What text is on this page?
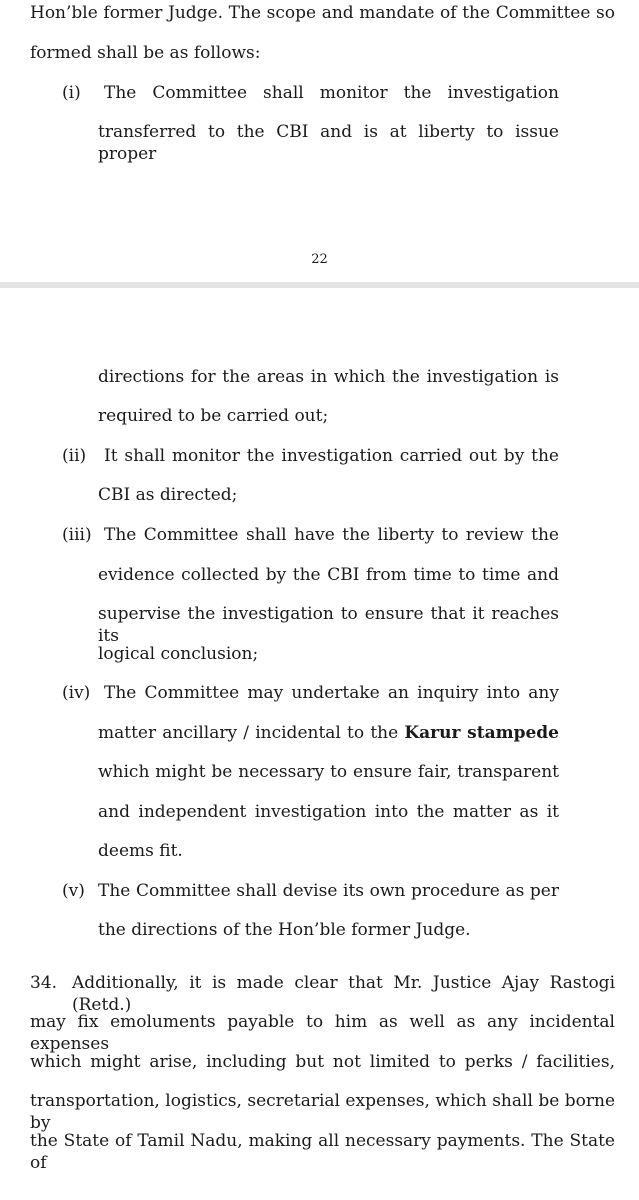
Hon’ble former Judge. The scope and mandate of the Committee so
formed shall be as follows:
(i) The Committee shall monitor the investigation
transferred to the CBI and is at liberty to issue proper
22
directions for the areas in which the investigation is
required to be carried out;
(ii) It shall monitor the investigation carried out by the
CBI as directed;
(iii) The Committee shall have the liberty to review the
evidence collected by the CBI from time to time and
supervise the investigation to ensure that it reaches its
logical conclusion;
(iv) The Committee may undertake an inquiry into any
matter ancillary / incidental to the Karur stampede
which might be necessary to ensure fair, transparent
and independent investigation into the matter as it
deems fit.
(v) The Committee shall devise its own procedure as per
the directions of the Hon’ble former Judge.
34. Additionally, it is made clear that Mr. Justice Ajay Rastogi (Retd.)
may fix emoluments payable to him as well as any incidental expenses
which might arise, including but not limited to perks / facilities,
transportation, logistics, secretarial expenses, which shall be borne by
the State of Tamil Nadu, making all necessary payments. The State of
